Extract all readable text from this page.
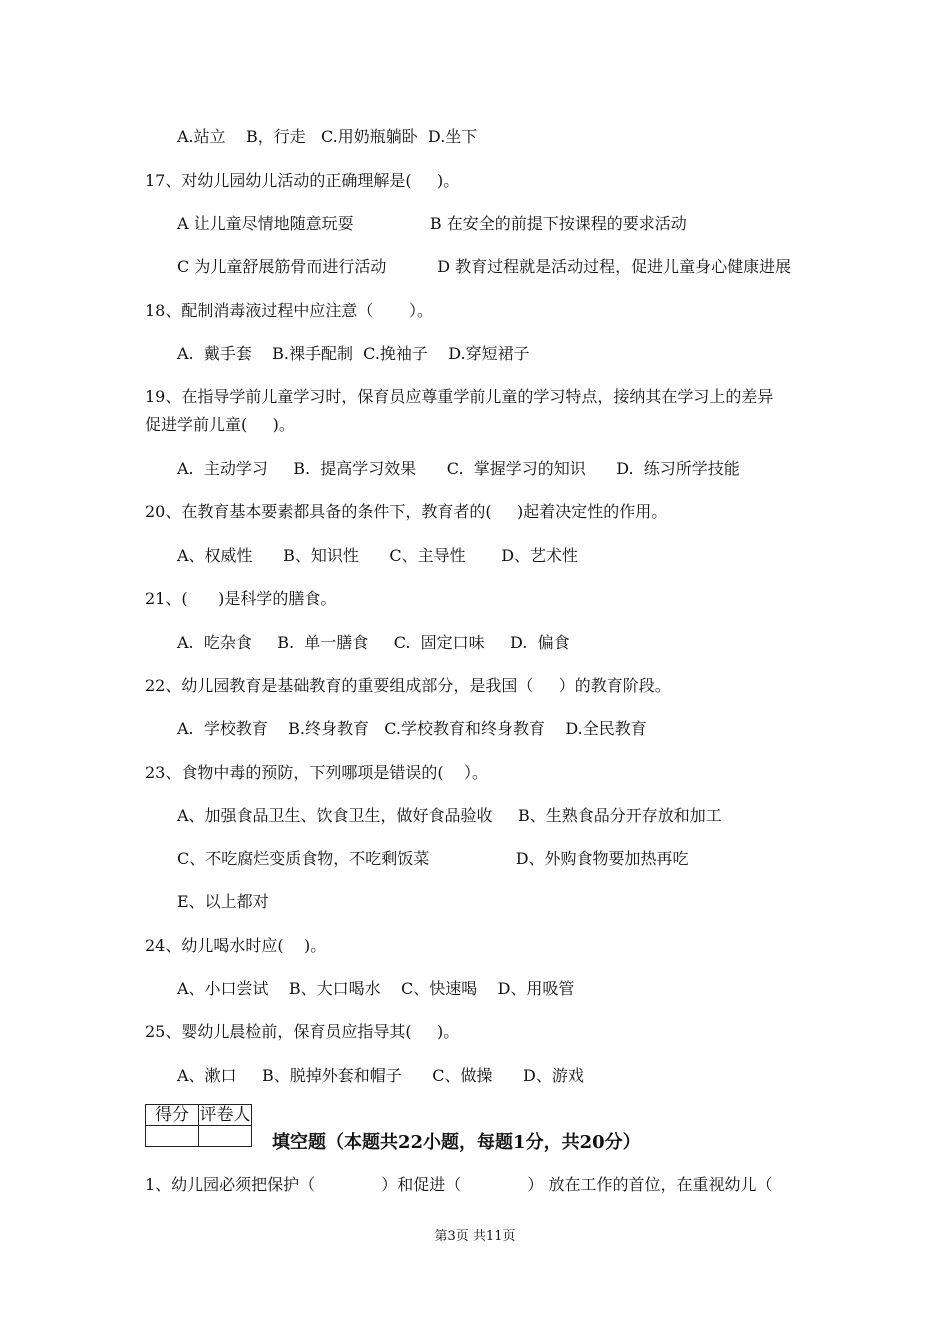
A.站立    B，行走   C.用奶瓶躺卧  D.坐下
17、对幼儿园幼儿活动的正确理解是(     )。
A 让儿童尽情地随意玩耍               B 在安全的前提下按课程的要求活动
C 为儿童舒展筋骨而进行活动          D 教育过程就是活动过程，促进儿童身心健康进展
18、配制消毒液过程中应注意（       ）。
A.  戴手套    B.裸手配制  C.挽袖子    D.穿短裙子
19、在指导学前儿童学习时，保育员应尊重学前儿童的学习特点，接纳其在学习上的差异
促进学前儿童(     )。
A.  主动学习     B.  提高学习效果      C.  掌握学习的知识      D.  练习所学技能
20、在教育基本要素都具备的条件下，教育者的(     )起着决定性的作用。
A、权威性      B、知识性      C、主导性       D、艺术性
21、(      )是科学的膳食。
A.  吃杂食     B.  单一膳食     C.  固定口味     D.  偏食
22、幼儿园教育是基础教育的重要组成部分，是我国（     ）的教育阶段。
A.  学校教育    B.终身教育   C.学校教育和终身教育    D.全民教育
23、食物中毒的预防，下列哪项是错误的(    ）。
A、加强食品卫生、饮食卫生，做好食品验收     B、生熟食品分开存放和加工
C、不吃腐烂变质食物，不吃剩饭菜                 D、外购食物要加热再吃
E、以上都对
24、幼儿喝水时应(    )。
A、小口尝试    B、大口喝水    C、快速喝    D、用吸管
25、婴幼儿晨检前，保育员应指导其(     )。
A、漱口     B、脱掉外套和帽子      C、做操      D、游戏
得分	评卷人

填空题（本题共22小题，每题1分，共20分）
1、幼儿园必须把保护（             ）和促进（             ） 放在工作的首位，在重视幼儿（
第3页 共11页
